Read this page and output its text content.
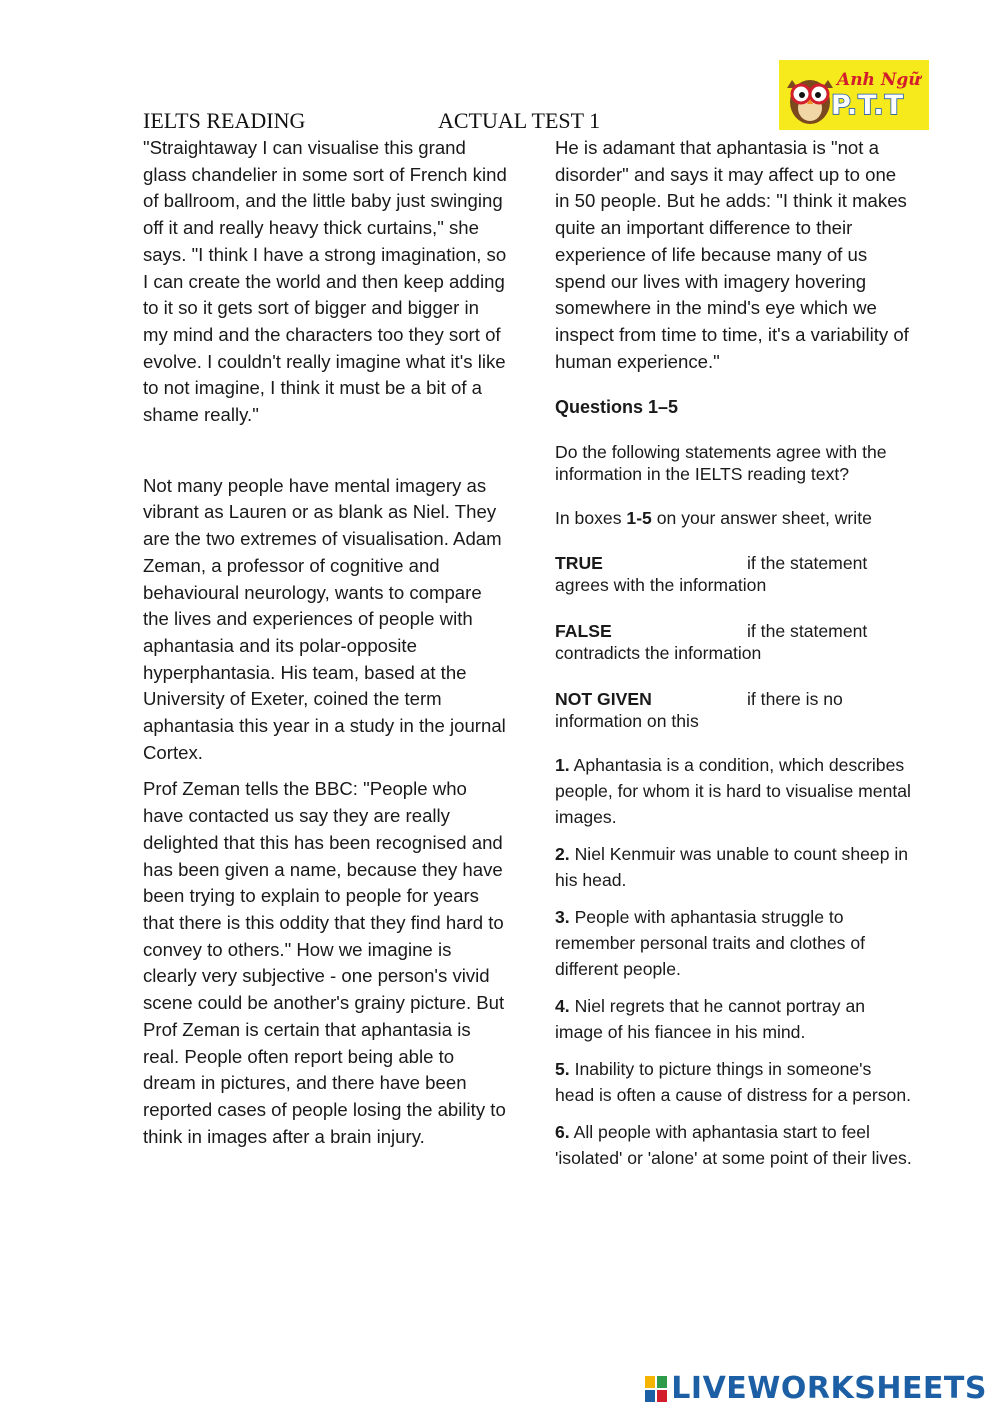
IELTS READING	ACTUAL TEST 1
Anh Ngữ
P.T.T

"Straightaway I can visualise this grand glass chandelier in some sort of French kind of ballroom, and the little baby just swinging off it and really heavy thick curtains," she says. "I think I have a strong imagination, so I can create the world and then keep adding to it so it gets sort of bigger and bigger in my mind and the characters too they sort of evolve. I couldn't really imagine what it's like to not imagine, I think it must be a bit of a shame really."

Not many people have mental imagery as vibrant as Lauren or as blank as Niel. They are the two extremes of visualisation. Adam Zeman, a professor of cognitive and behavioural neurology, wants to compare the lives and experiences of people with aphantasia and its polar-opposite hyperphantasia. His team, based at the University of Exeter, coined the term aphantasia this year in a study in the journal Cortex.

Prof Zeman tells the BBC: "People who have contacted us say they are really delighted that this has been recognised and has been given a name, because they have been trying to explain to people for years that there is this oddity that they find hard to convey to others." How we imagine is clearly very subjective - one person's vivid scene could be another's grainy picture. But Prof Zeman is certain that aphantasia is real. People often report being able to dream in pictures, and there have been reported cases of people losing the ability to think in images after a brain injury.

He is adamant that aphantasia is "not a disorder" and says it may affect up to one in 50 people. But he adds: "I think it makes quite an important difference to their experience of life because many of us spend our lives with imagery hovering somewhere in the mind's eye which we inspect from time to time, it's a variability of human experience."

Questions 1–5
Do the following statements agree with the information in the IELTS reading text?
In boxes 1-5 on your answer sheet, write
TRUE	if the statement

agrees with the information
FALSE	if the statement

contradicts the information
NOT GIVEN	if there is no

information on this
1. Aphantasia is a condition, which describes people, for whom it is hard to visualise mental images.
2. Niel Kenmuir was unable to count sheep in his head.
3. People with aphantasia struggle to remember personal traits and clothes of different people.
4. Niel regrets that he cannot portray an image of his fiancee in his mind.
5. Inability to picture things in someone's head is often a cause of distress for a person.
6. All people with aphantasia start to feel 'isolated' or 'alone' at some point of their lives.
LIVEWORKSHEETS
